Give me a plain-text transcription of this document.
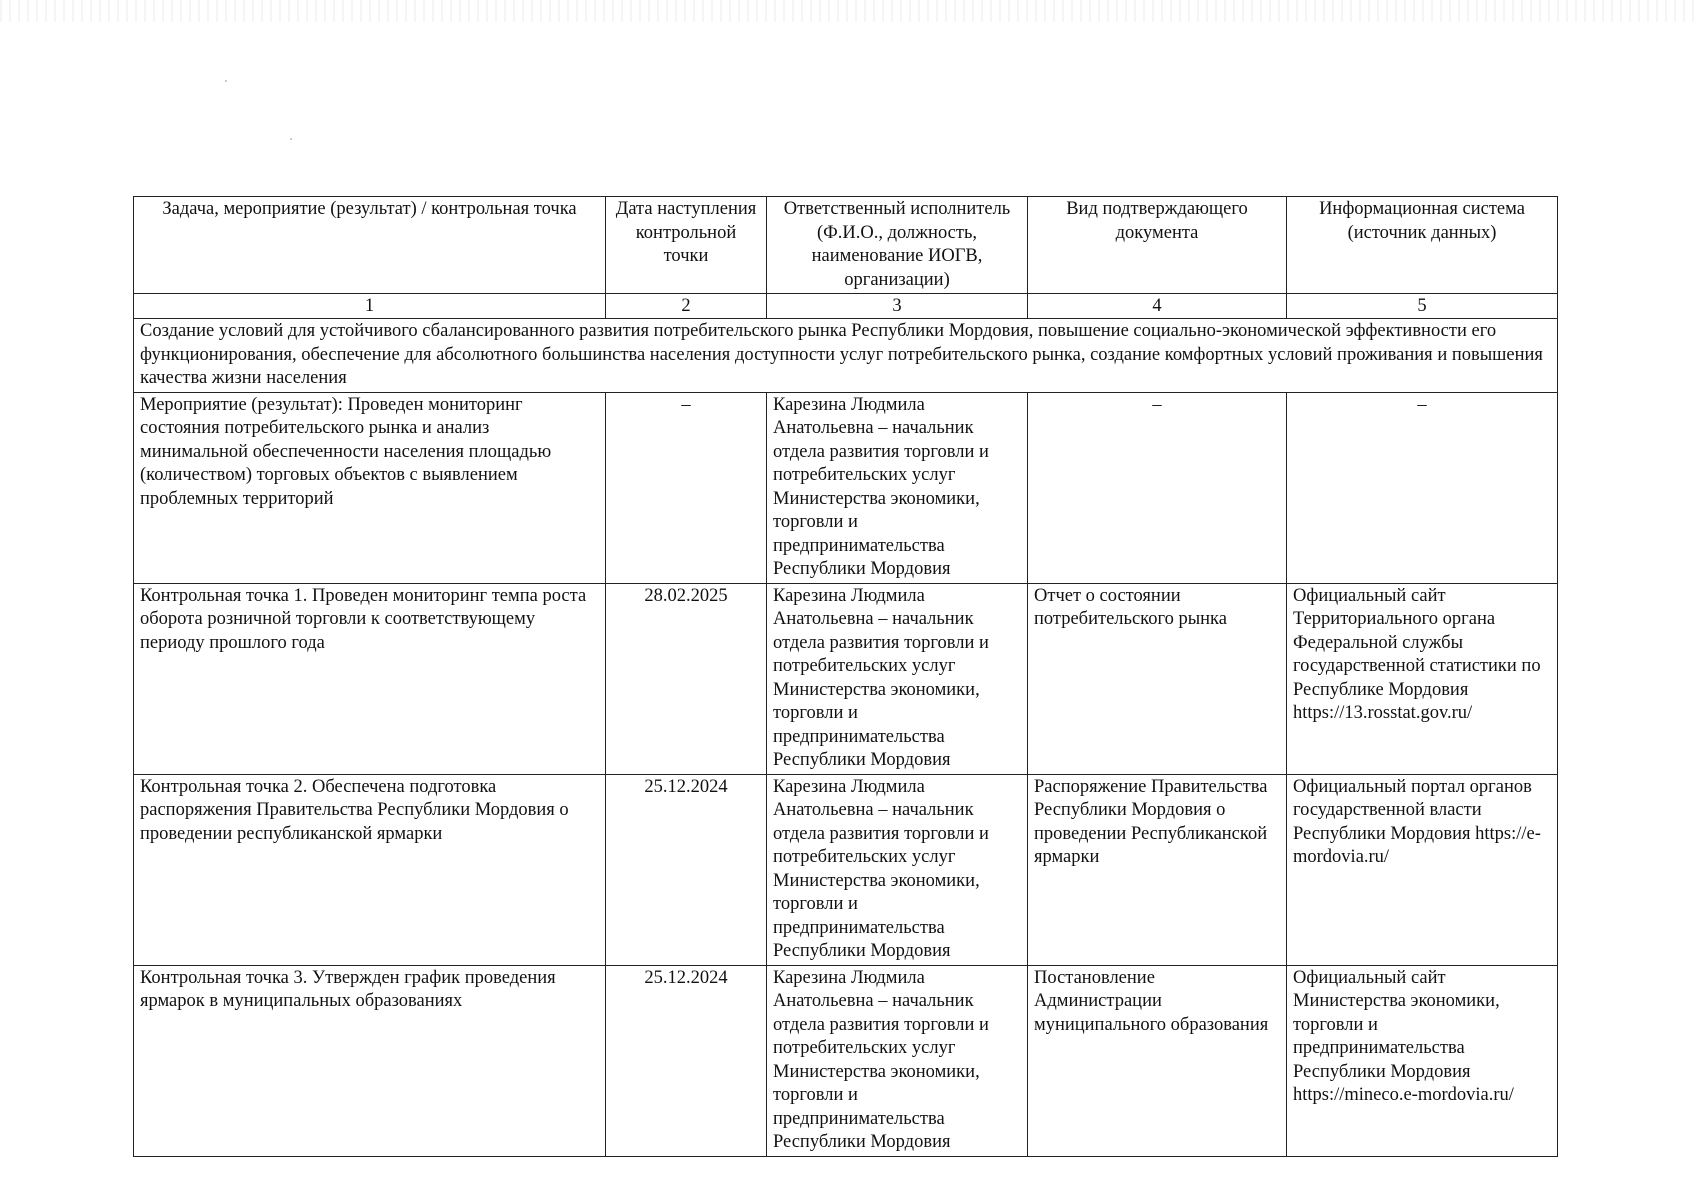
Задача, мероприятие (результат) / контрольная точка	Дата наступления контрольной точки	Ответственный исполнитель (Ф.И.О., должность, наименование ИОГВ, организации)	Вид подтверждающего документа	Информационная система (источник данных)
1	2	3	4	5
Создание условий для устойчивого сбалансированного развития потребительского рынка Республики Мордовия, повышение социально-экономической эффективности его функционирования, обеспечение для абсолютного большинства населения доступности услуг потребительского рынка, создание комфортных условий проживания и повышения качества жизни населения				
Мероприятие (результат): Проведен мониторинг состояния потребительского рынка и анализ минимальной обеспеченности населения площадью (количеством) торговых объектов с выявлением проблемных территорий	–	Карезина Людмила Анатольевна – начальник отдела развития торговли и потребительских услуг Министерства экономики, торговли и предпринимательства Республики Мордовия	–	–
Контрольная точка 1. Проведен мониторинг темпа роста оборота розничной торговли к соответствующему периоду прошлого года	28.02.2025	Карезина Людмила Анатольевна – начальник отдела развития торговли и потребительских услуг Министерства экономики, торговли и предпринимательства Республики Мордовия	Отчет о состоянии потребительского рынка	Официальный сайт Территориального органа Федеральной службы государственной статистики по Республике Мордовия https://13.rosstat.gov.ru/
Контрольная точка 2. Обеспечена подготовка распоряжения Правительства Республики Мордовия о проведении республиканской ярмарки	25.12.2024	Карезина Людмила Анатольевна – начальник отдела развития торговли и потребительских услуг Министерства экономики, торговли и предпринимательства Республики Мордовия	Распоряжение Правительства Республики Мордовия о проведении Республиканской ярмарки	Официальный портал органов государственной власти Республики Мордовия https://e-mordovia.ru/
Контрольная точка 3. Утвержден график проведения ярмарок в муниципальных образованиях	25.12.2024	Карезина Людмила Анатольевна – начальник отдела развития торговли и потребительских услуг Министерства экономики, торговли и предпринимательства Республики Мордовия	Постановление Администрации муниципального образования	Официальный сайт Министерства экономики, торговли и предпринимательства Республики Мордовия https://mineco.e-mordovia.ru/
